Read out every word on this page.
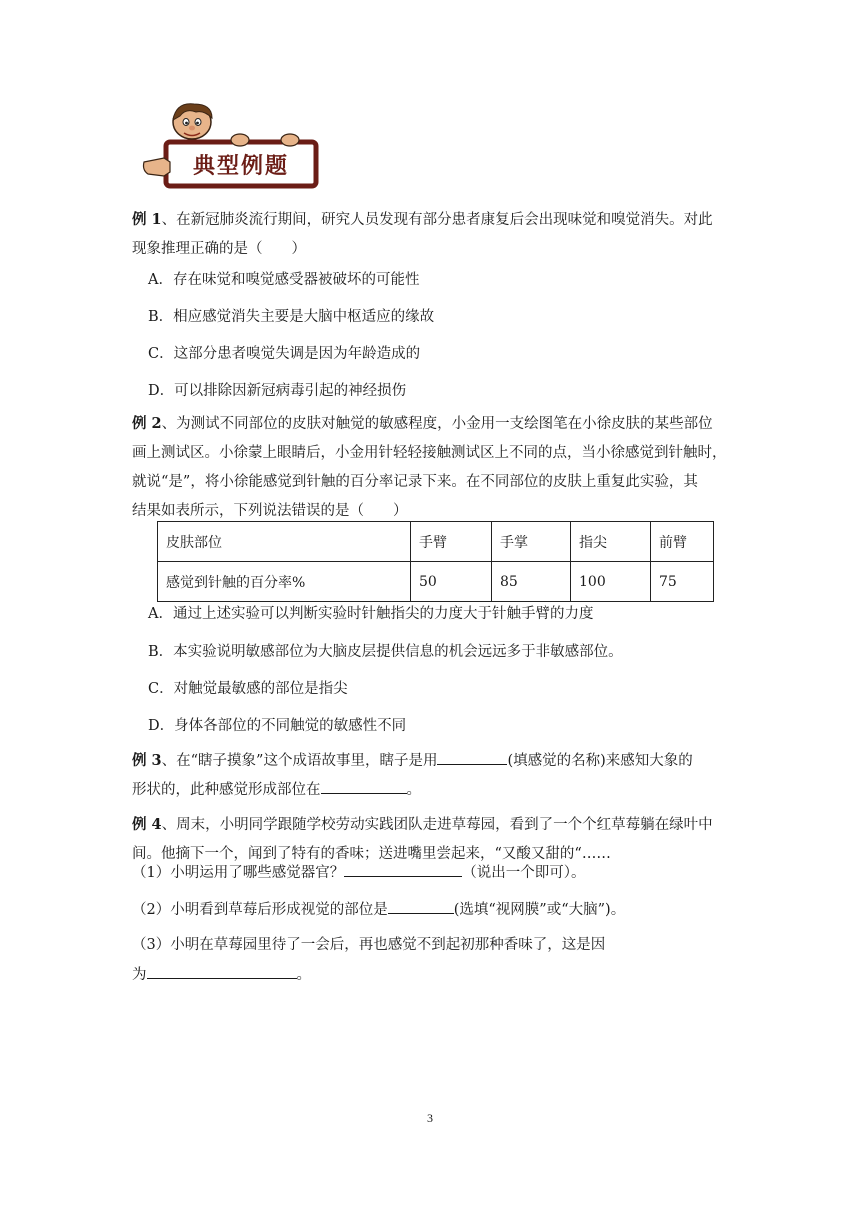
典型例题
例 1、在新冠肺炎流行期间，研究人员发现有部分患者康复后会出现味觉和嗅觉消失。对此
现象推理正确的是（　　）
A．存在味觉和嗅觉感受器被破坏的可能性
B．相应感觉消失主要是大脑中枢适应的缘故
C．这部分患者嗅觉失调是因为年龄造成的
D．可以排除因新冠病毒引起的神经损伤
例 2、为测试不同部位的皮肤对触觉的敏感程度，小金用一支绘图笔在小徐皮肤的某些部位
画上测试区。小徐蒙上眼睛后，小金用针轻轻接触测试区上不同的点，当小徐感觉到针触时，
就说“是”，将小徐能感觉到针触的百分率记录下来。在不同部位的皮肤上重复此实验，其
结果如表所示，下列说法错误的是（　　）
皮肤部位	手臂	手掌	指尖	前臂
感觉到针触的百分率%	50	85	100	75
A．通过上述实验可以判断实验时针触指尖的力度大于针触手臂的力度
B．本实验说明敏感部位为大脑皮层提供信息的机会远远多于非敏感部位。
C．对触觉最敏感的部位是指尖
D．身体各部位的不同触觉的敏感性不同
例 3、在“瞎子摸象”这个成语故事里，瞎子是用	(填感觉的名称)来感知大象的
形状的，此种感觉形成部位在	。
例 4、周末，小明同学跟随学校劳动实践团队走进草莓园，看到了一个个红草莓躺在绿叶中
间。他摘下一个，闻到了特有的香味；送进嘴里尝起来，“又酸又甜的“……
（1）小明运用了哪些感觉器官？	（说出一个即可）。
（2）小明看到草莓后形成视觉的部位是	(选填“视网膜”或“大脑”)。
（3）小明在草莓园里待了一会后，再也感觉不到起初那种香味了，这是因
为	。
3
